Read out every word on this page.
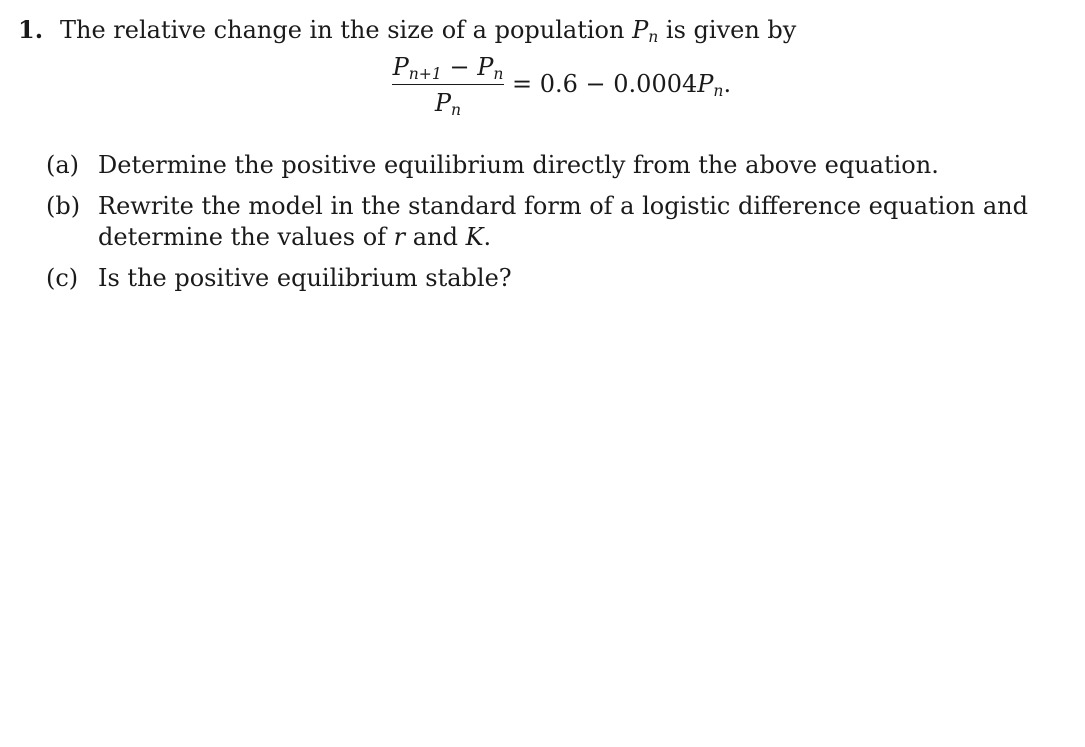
1. The relative change in the size of a population $P_n$ is given by
$P_{n+1} - P_n$
$P_n$
= $0.6 - 0.0004P_n$.
(a) Determine the positive equilibrium directly from the above equation.
(b) Rewrite the model in the standard form of a logistic difference equation and determine the values of r and K.
(c) Is the positive equilibrium stable?
